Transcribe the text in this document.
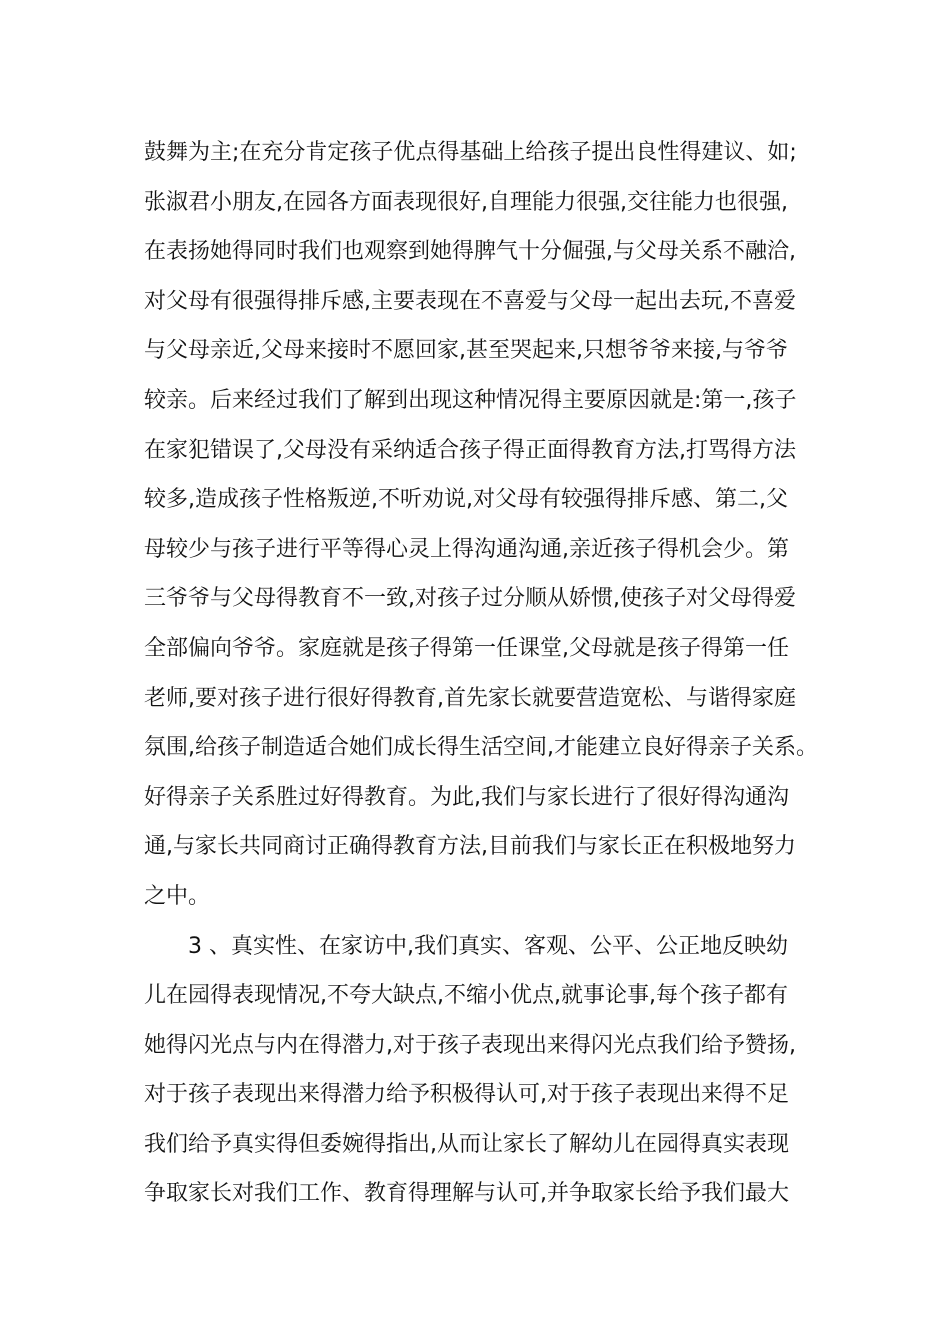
鼓舞为主;在充分肯定孩子优点得基础上给孩子提出良性得建议、如;
张淑君小朋友,在园各方面表现很好,自理能力很强,交往能力也很强,
在表扬她得同时我们也观察到她得脾气十分倔强,与父母关系不融洽,
对父母有很强得排斥感,主要表现在不喜爱与父母一起出去玩,不喜爱
与父母亲近,父母来接时不愿回家,甚至哭起来,只想爷爷来接,与爷爷
较亲。后来经过我们了解到出现这种情况得主要原因就是:第一,孩子
在家犯错误了,父母没有采纳适合孩子得正面得教育方法,打骂得方法
较多,造成孩子性格叛逆,不听劝说,对父母有较强得排斥感、第二,父
母较少与孩子进行平等得心灵上得沟通沟通,亲近孩子得机会少。第
三爷爷与父母得教育不一致,对孩子过分顺从娇惯,使孩子对父母得爱
全部偏向爷爷。家庭就是孩子得第一任课堂,父母就是孩子得第一任
老师,要对孩子进行很好得教育,首先家长就要营造宽松、与谐得家庭
氛围,给孩子制造适合她们成长得生活空间,才能建立良好得亲子关系。
好得亲子关系胜过好得教育。为此,我们与家长进行了很好得沟通沟
通,与家长共同商讨正确得教育方法,目前我们与家长正在积极地努力
之中。
3 、真实性、在家访中,我们真实、客观、公平、公正地反映幼
儿在园得表现情况,不夸大缺点,不缩小优点,就事论事,每个孩子都有
她得闪光点与内在得潜力,对于孩子表现出来得闪光点我们给予赞扬,
对于孩子表现出来得潜力给予积极得认可,对于孩子表现出来得不足
我们给予真实得但委婉得指出,从而让家长了解幼儿在园得真实表现
争取家长对我们工作、教育得理解与认可,并争取家长给予我们最大
